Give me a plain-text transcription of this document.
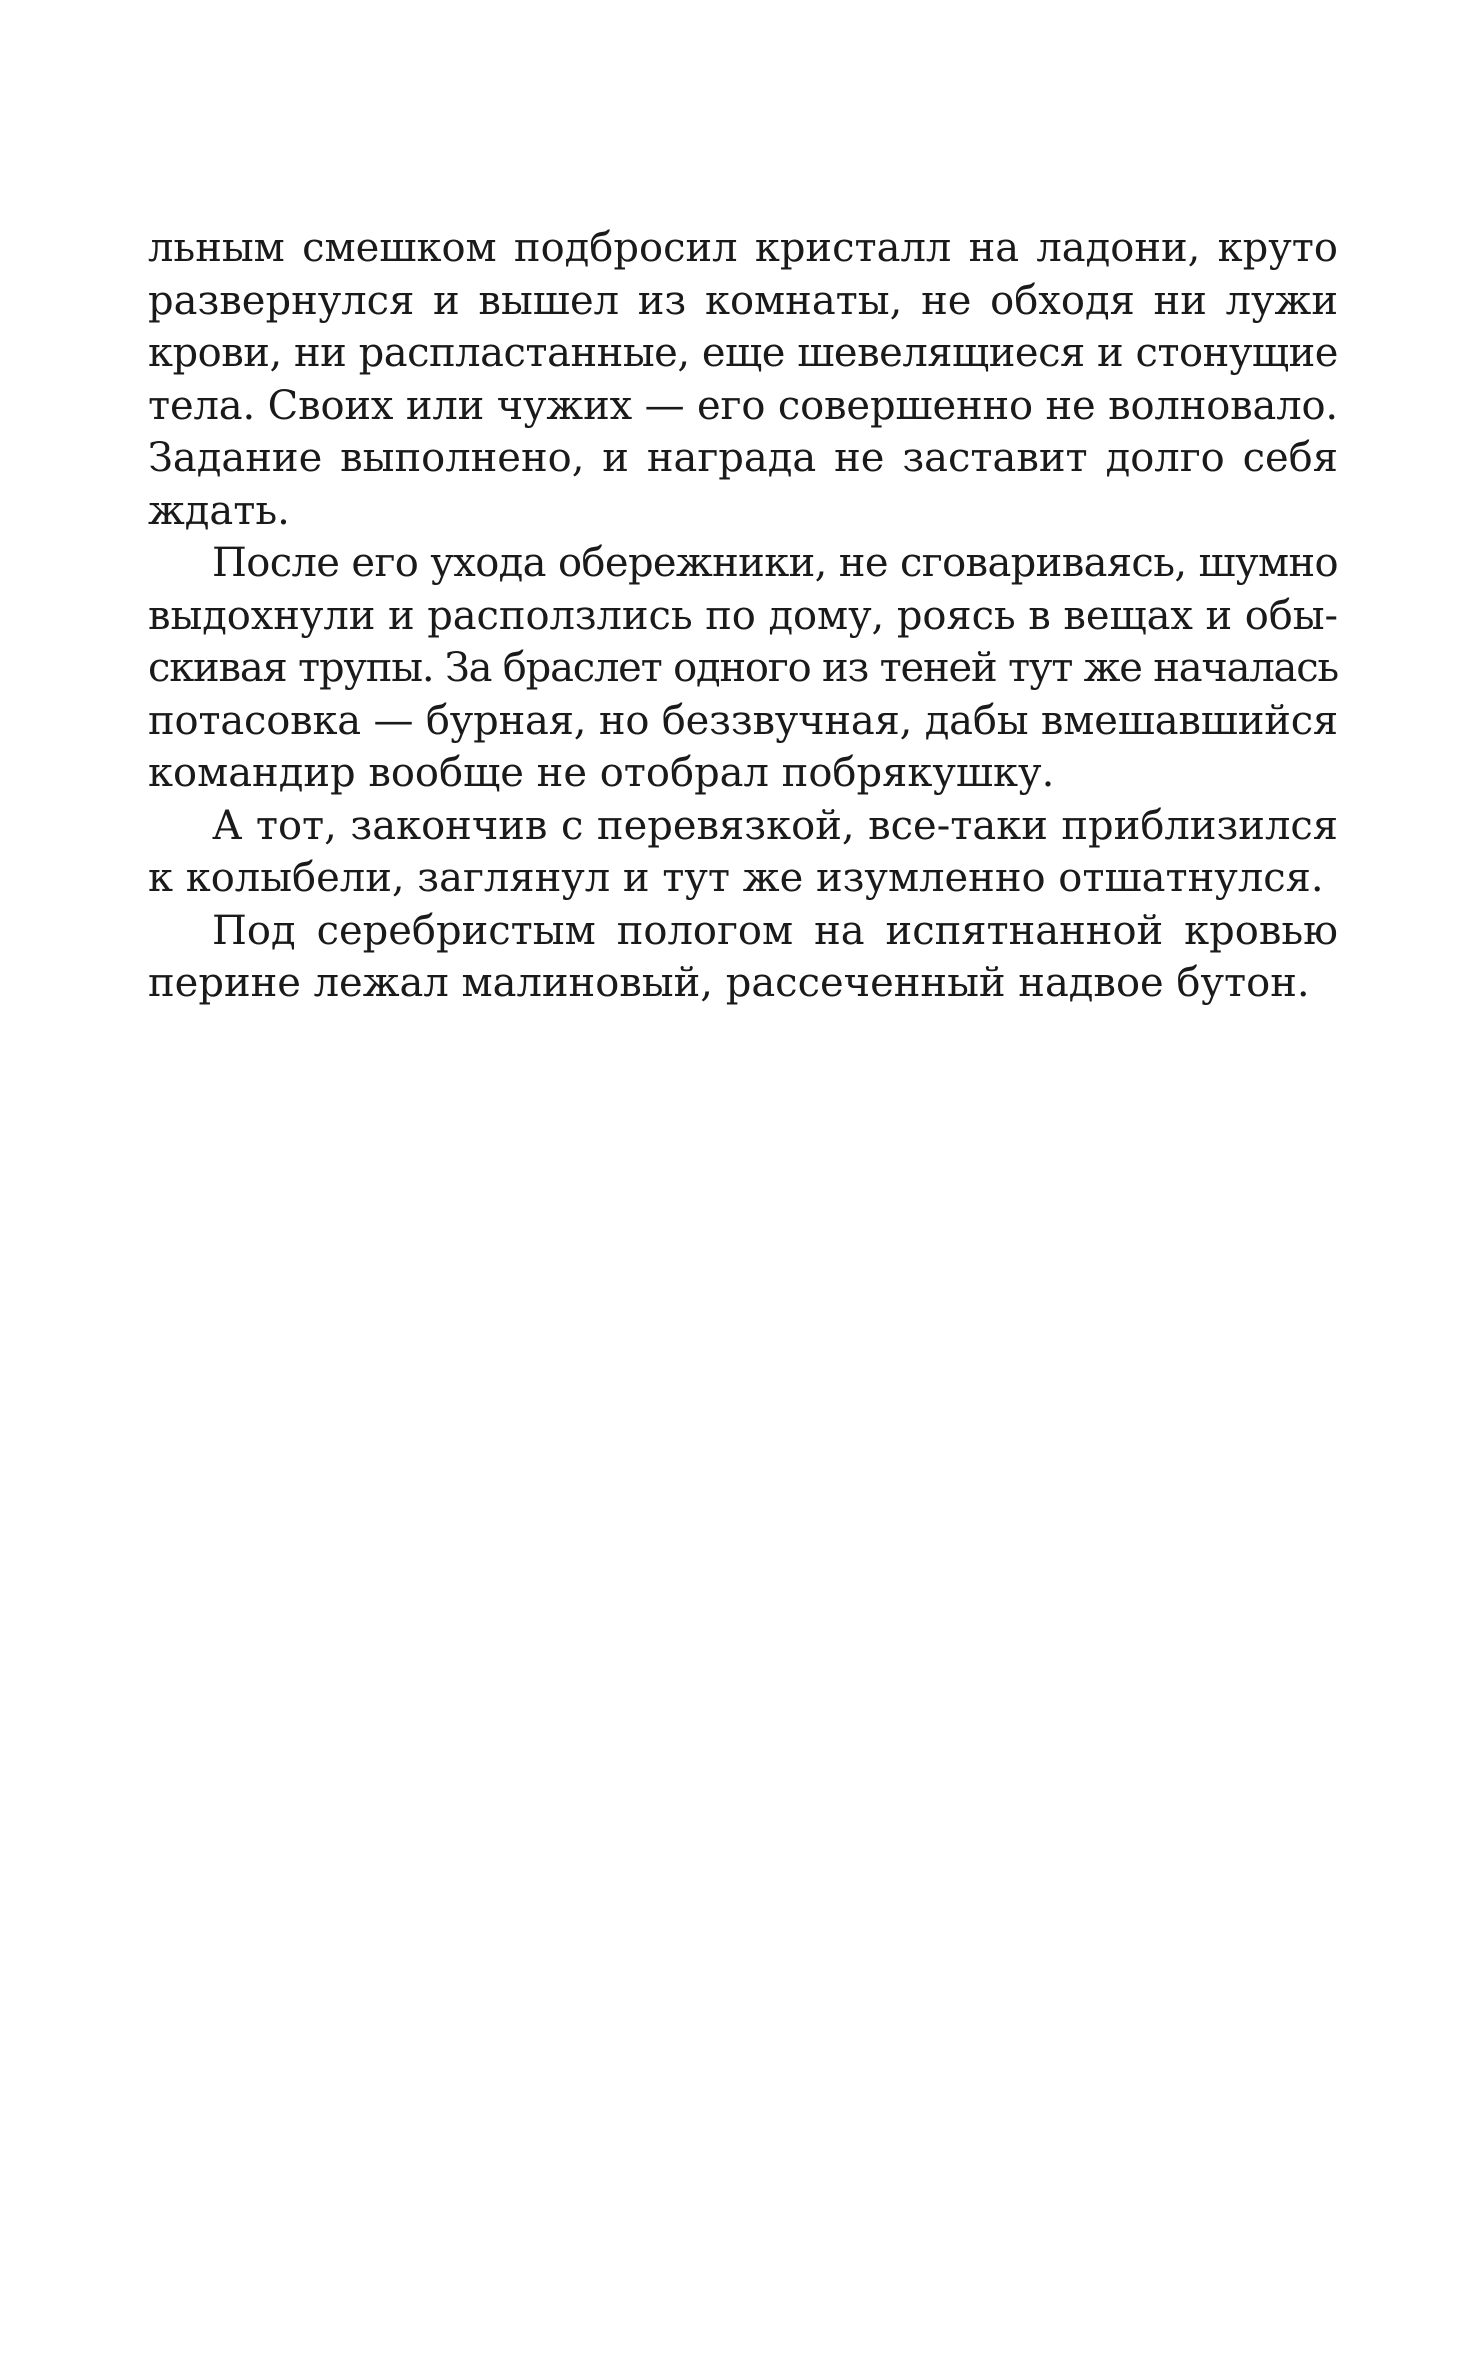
льным смешком подбросил кристалл на ладони, круто
развернулся и вышел из комнаты, не обходя ни лужи
крови, ни распластанные, еще шевелящиеся и стонущие
тела. Своих или чужих — его совершенно не волновало.
Задание выполнено, и награда не заставит долго себя
ждать.
После его ухода обережники, не сговариваясь, шумно
выдохнули и расползлись по дому, роясь в вещах и обы-
скивая трупы. За браслет одного из теней тут же началась
потасовка — бурная, но беззвучная, дабы вмешавшийся
командир вообще не отобрал побрякушку.
А тот, закончив с перевязкой, все-таки приблизился
к колыбели, заглянул и тут же изумленно отшатнулся.
Под серебристым пологом на испятнанной кровью
перине лежал малиновый, рассеченный надвое бутон.
